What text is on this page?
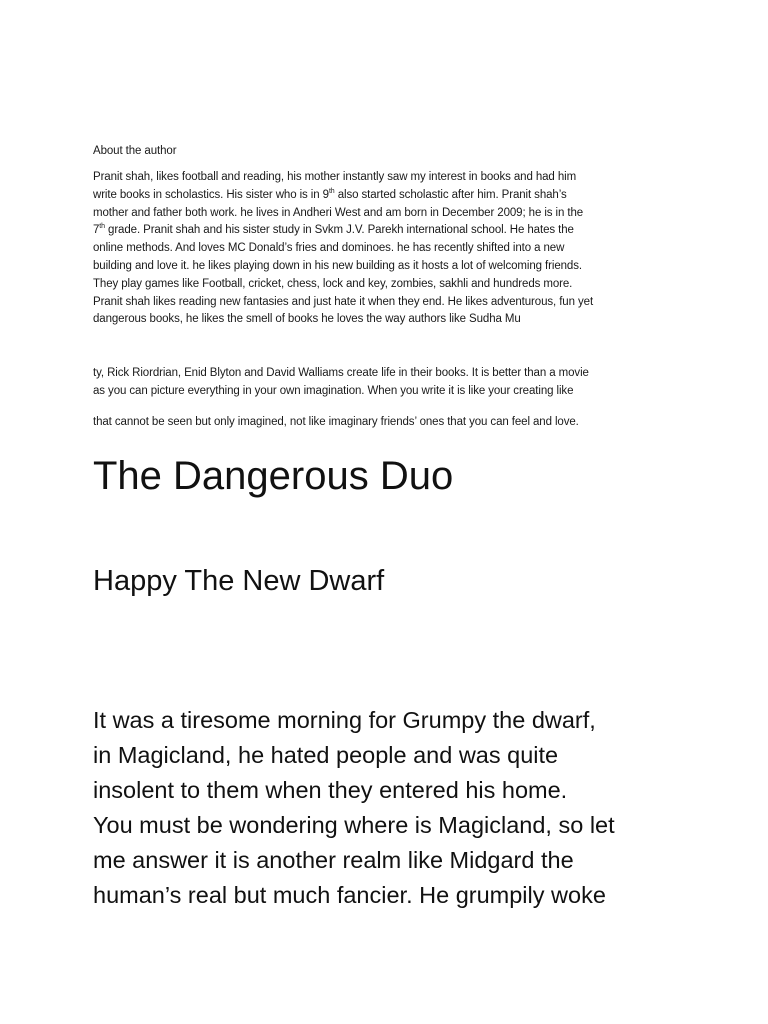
About the author
Pranit shah, likes football and reading, his mother instantly saw my interest in books and had him
write books in scholastics. His sister who is in 9th also started scholastic after him. Pranit shah’s
mother and father both work. he lives in Andheri West and am born in December 2009; he is in the
7th grade. Pranit shah and his sister study in Svkm J.V. Parekh international school. He hates the
online methods. And loves MC Donald’s fries and dominoes. he has recently shifted into a new
building and love it. he likes playing down in his new building as it hosts a lot of welcoming friends.
They play games like Football, cricket, chess, lock and key, zombies, sakhli and hundreds more.
Pranit shah likes reading new fantasies and just hate it when they end. He likes adventurous, fun yet
dangerous books, he likes the smell of books he loves the way authors like Sudha Mu
ty, Rick Riordrian, Enid Blyton and David Walliams create life in their books. It is better than a movie
as you can picture everything in your own imagination. When you write it is like your creating like
that cannot be seen but only imagined, not like imaginary friends’ ones that you can feel and love.
The Dangerous Duo
Happy The New Dwarf
It was a tiresome morning for Grumpy the dwarf,
in Magicland, he hated people and was quite
insolent to them when they entered his home.
You must be wondering where is Magicland, so let
me answer it is another realm like Midgard the
human’s real but much fancier. He grumpily woke
